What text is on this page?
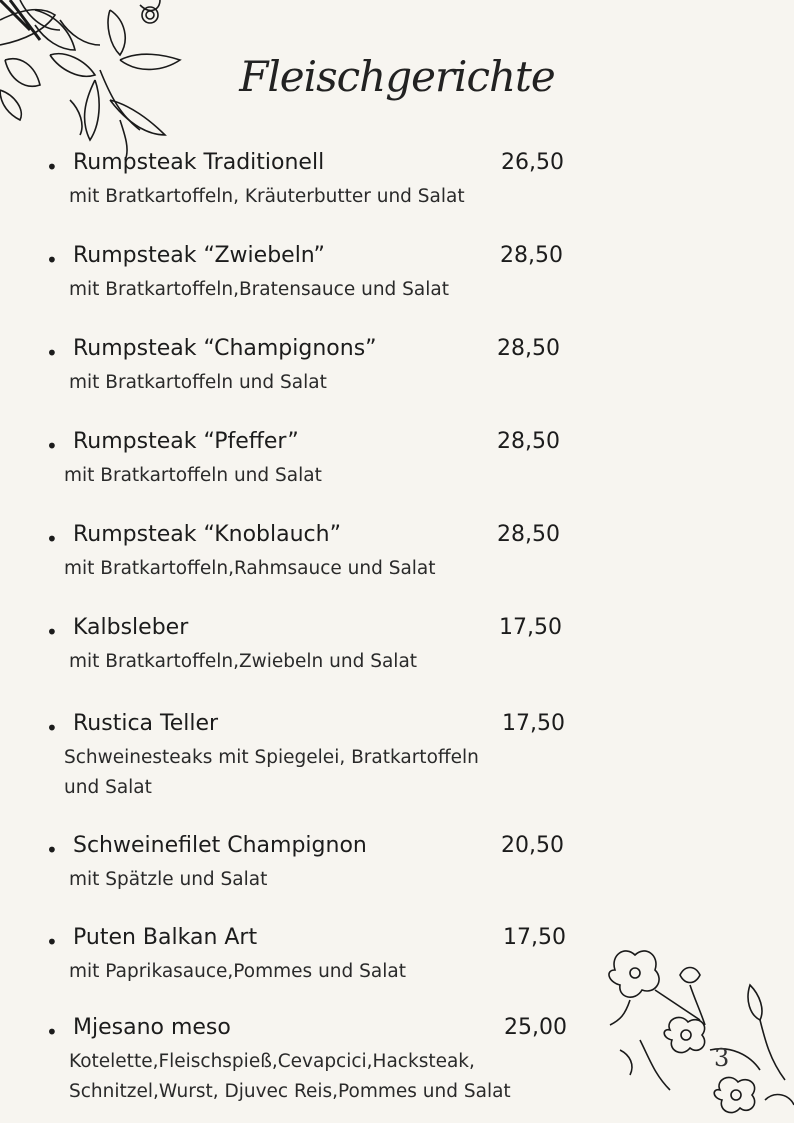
Fleischgerichte
• Rumpsteak Traditionell	26,50
mit Bratkartoffeln, Kräuterbutter und Salat
• Rumpsteak “Zwiebeln”	28,50
mit Bratkartoffeln,Bratensauce und Salat
• Rumpsteak “Champignons”	28,50
mit Bratkartoffeln und Salat
• Rumpsteak “Pfeffer”	28,50
mit Bratkartoffeln und Salat
• Rumpsteak “Knoblauch”	28,50
mit Bratkartoffeln,Rahmsauce und Salat
• Kalbsleber	17,50
mit Bratkartoffeln,Zwiebeln und Salat
• Rustica Teller	17,50
Schweinesteaks mit Spiegelei, Bratkartoffeln
und Salat
• Schweinefilet Champignon	20,50
mit Spätzle und Salat
• Puten Balkan Art	17,50
mit Paprikasauce,Pommes und Salat
• Mjesano meso	25,00
Kotelette,Fleischspieß,Cevapcici,Hacksteak,
Schnitzel,Wurst, Djuvec Reis,Pommes und Salat
3
